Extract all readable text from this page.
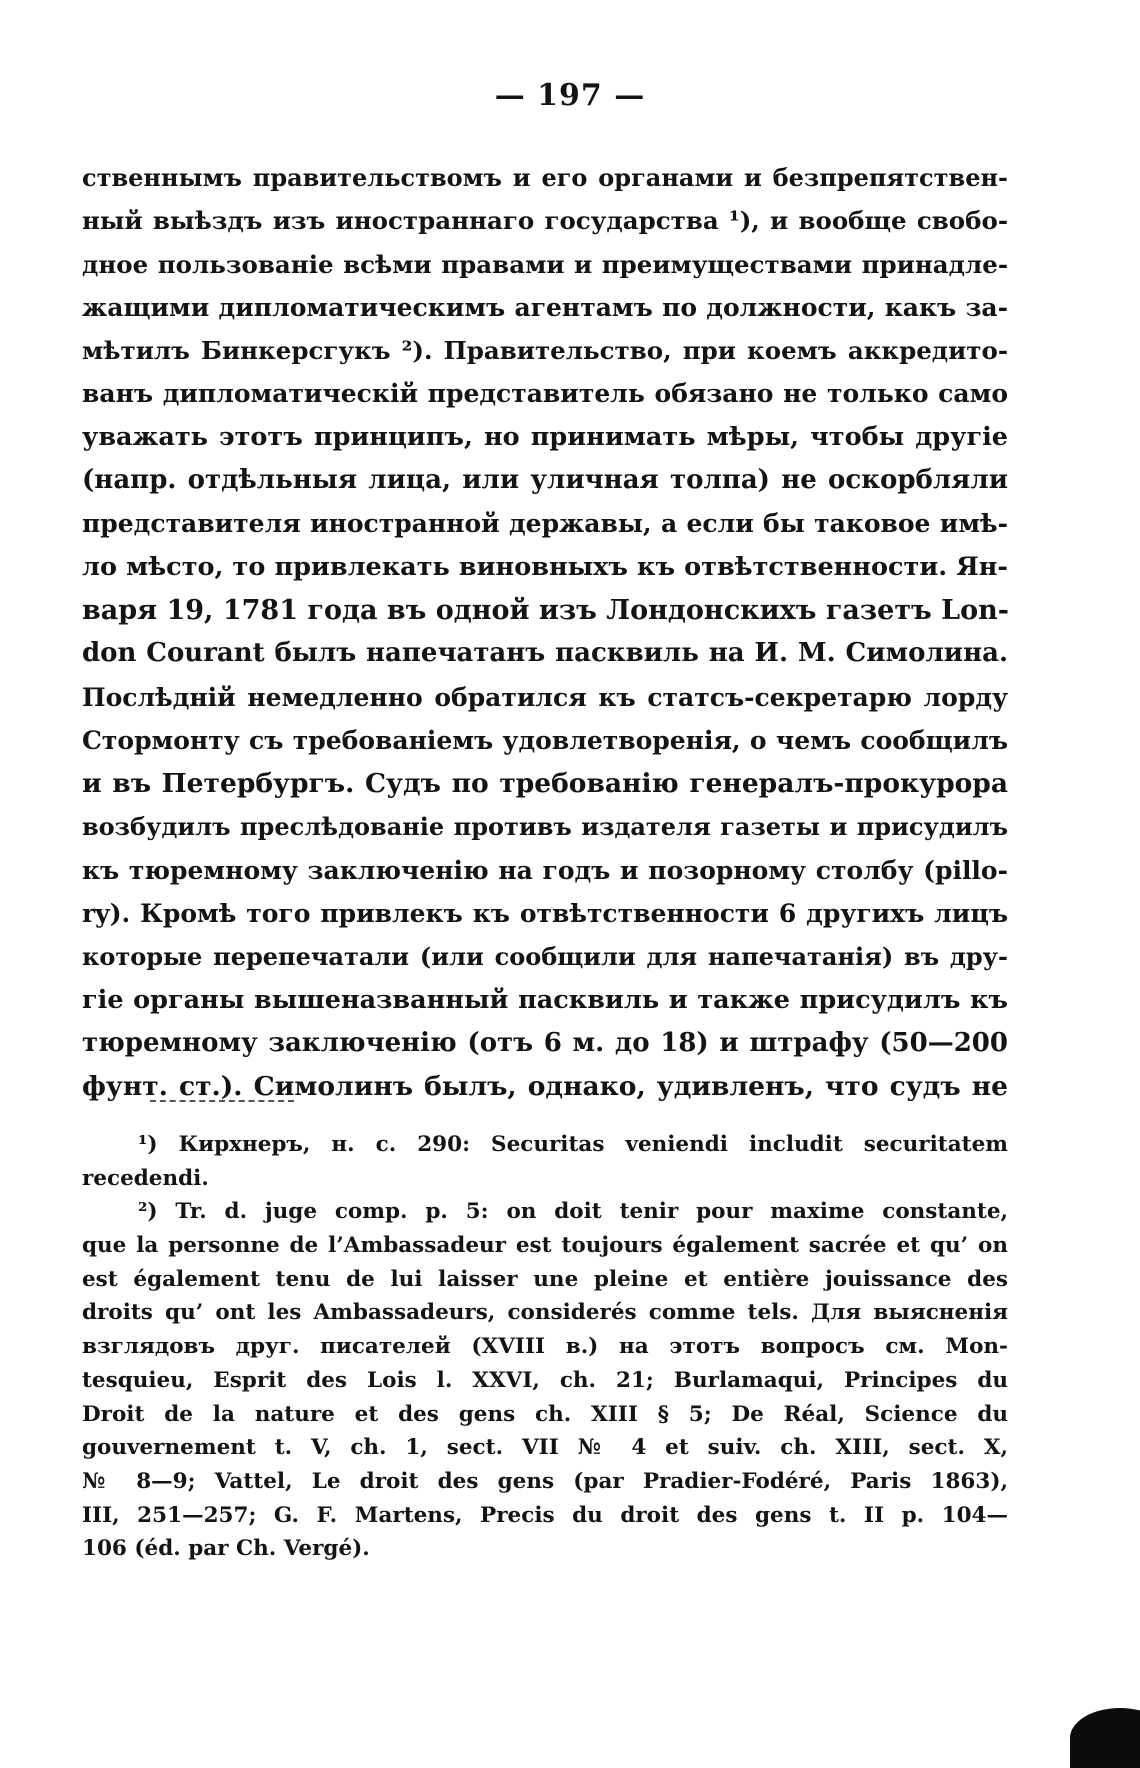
— 197 —
ственнымъ правительствомъ и его органами и безпрепятствен-
ный выѣздъ изъ иностраннаго государства ¹), и вообще свобо-
дное пользованіе всѣми правами и преимуществами принадле-
жащими дипломатическимъ агентамъ по должности, какъ за-
мѣтилъ Бинкерсгукъ ²). Правительство, при коемъ аккредито-
ванъ дипломатическій представитель обязано не только само
уважать этотъ принципъ, но принимать мѣры, чтобы другіе
(напр. отдѣльныя лица, или уличная толпа) не оскорбляли
представителя иностранной державы, а если бы таковое имѣ-
ло мѣсто, то привлекать виновныхъ къ отвѣтственности. Ян-
варя 19, 1781 года въ одной изъ Лондонскихъ газетъ Lon-
don Courant былъ напечатанъ пасквиль на И. М. Симолина.
Послѣдній немедленно обратился къ статсъ-секретарю лорду
Стормонту съ требованіемъ удовлетворенія, о чемъ сообщилъ
и въ Петербургъ. Судъ по требованію генералъ-прокурора
возбудилъ преслѣдованіе противъ издателя газеты и присудилъ
къ тюремному заключенію на годъ и позорному столбу (pillo-
ry). Кромѣ того привлекъ къ отвѣтственности 6 другихъ лицъ
которые перепечатали (или сообщили для напечатанія) въ дру-
гіе органы вышеназванный пасквиль и также присудилъ къ
тюремному заключенію (отъ 6 м. до 18) и штрафу (50—200
фунт. ст.). Симолинъ былъ, однако, удивленъ, что судъ не
¹) Кирхнеръ, н. с. 290: Securitas veniendi includit securitatem
recedendi.
²) Tr. d. juge comp. p. 5: on doit tenir pour maxime constante,
que la personne de l’Ambassadeur est toujours également sacrée et qu’ on
est également tenu de lui laisser une pleine et entière jouissance des
droits qu’ ont les Ambassadeurs, considerés comme tels. Для выясненія
взглядовъ друг. писателей (XVIII в.) на этотъ вопросъ см. Mon-
tesquieu, Esprit des Lois l. XXVI, ch. 21; Burlamaqui, Principes du
Droit de la nature et des gens ch. XIII § 5; De Réal, Science du
gouvernement t. V, ch. 1, sect. VII № 4 et suiv. ch. XIII, sect. X,
№ 8—9; Vattel, Le droit des gens (par Pradier-Fodéré, Paris 1863),
III, 251—257; G. F. Martens, Precis du droit des gens t. II p. 104—
106 (éd. par Ch. Vergé).
